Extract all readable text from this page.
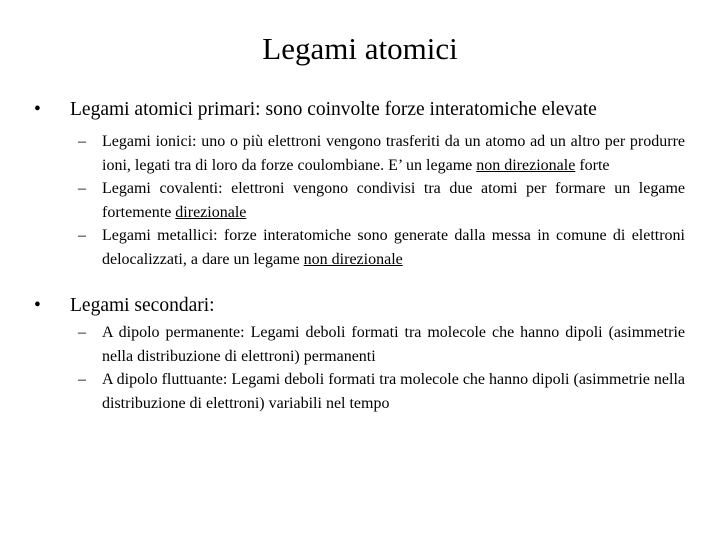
Legami atomici
• Legami atomici primari: sono coinvolte forze interatomiche elevate
– Legami ionici: uno o più elettroni vengono trasferiti da un atomo ad un altro per produrre ioni, legati tra di loro da forze coulombiane. E’ un legame non direzionale forte
– Legami covalenti: elettroni vengono condivisi tra due atomi per formare un legame fortemente direzionale
– Legami metallici: forze interatomiche sono generate dalla messa in comune di elettroni delocalizzati, a dare un legame non direzionale
• Legami secondari:
– A dipolo permanente: Legami deboli formati tra molecole che hanno dipoli (asimmetrie nella distribuzione di elettroni) permanenti
– A dipolo fluttuante: Legami deboli formati tra molecole che hanno dipoli (asimmetrie nella distribuzione di elettroni) variabili nel tempo
